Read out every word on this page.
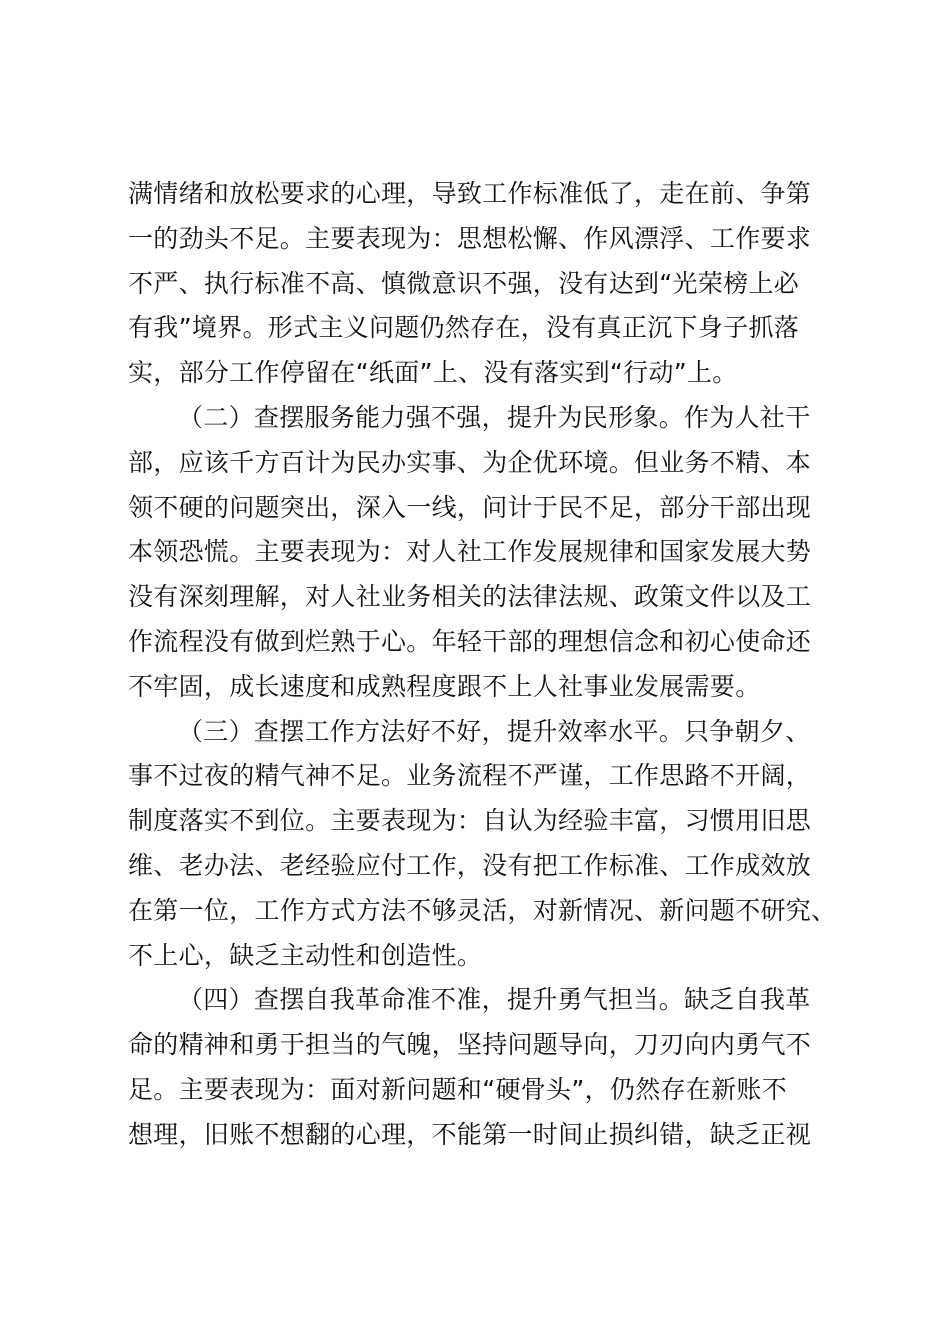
满情绪和放松要求的心理，导致工作标准低了，走在前、争第
一的劲头不足。主要表现为：思想松懈、作风漂浮、工作要求
不严、执行标准不高、慎微意识不强，没有达到“光荣榜上必
有我”境界。形式主义问题仍然存在，没有真正沉下身子抓落
实，部分工作停留在“纸面”上、没有落实到“行动”上。
（二）查摆服务能力强不强，提升为民形象。作为人社干
部，应该千方百计为民办实事、为企优环境。但业务不精、本
领不硬的问题突出，深入一线，问计于民不足，部分干部出现
本领恐慌。主要表现为：对人社工作发展规律和国家发展大势
没有深刻理解，对人社业务相关的法律法规、政策文件以及工
作流程没有做到烂熟于心。年轻干部的理想信念和初心使命还
不牢固，成长速度和成熟程度跟不上人社事业发展需要。
（三）查摆工作方法好不好，提升效率水平。只争朝夕、
事不过夜的精气神不足。业务流程不严谨，工作思路不开阔，
制度落实不到位。主要表现为：自认为经验丰富，习惯用旧思
维、老办法、老经验应付工作，没有把工作标准、工作成效放
在第一位，工作方式方法不够灵活，对新情况、新问题不研究、
不上心，缺乏主动性和创造性。
（四）查摆自我革命准不准，提升勇气担当。缺乏自我革
命的精神和勇于担当的气魄，坚持问题导向，刀刃向内勇气不
足。主要表现为：面对新问题和“硬骨头”，仍然存在新账不
想理，旧账不想翻的心理，不能第一时间止损纠错，缺乏正视
